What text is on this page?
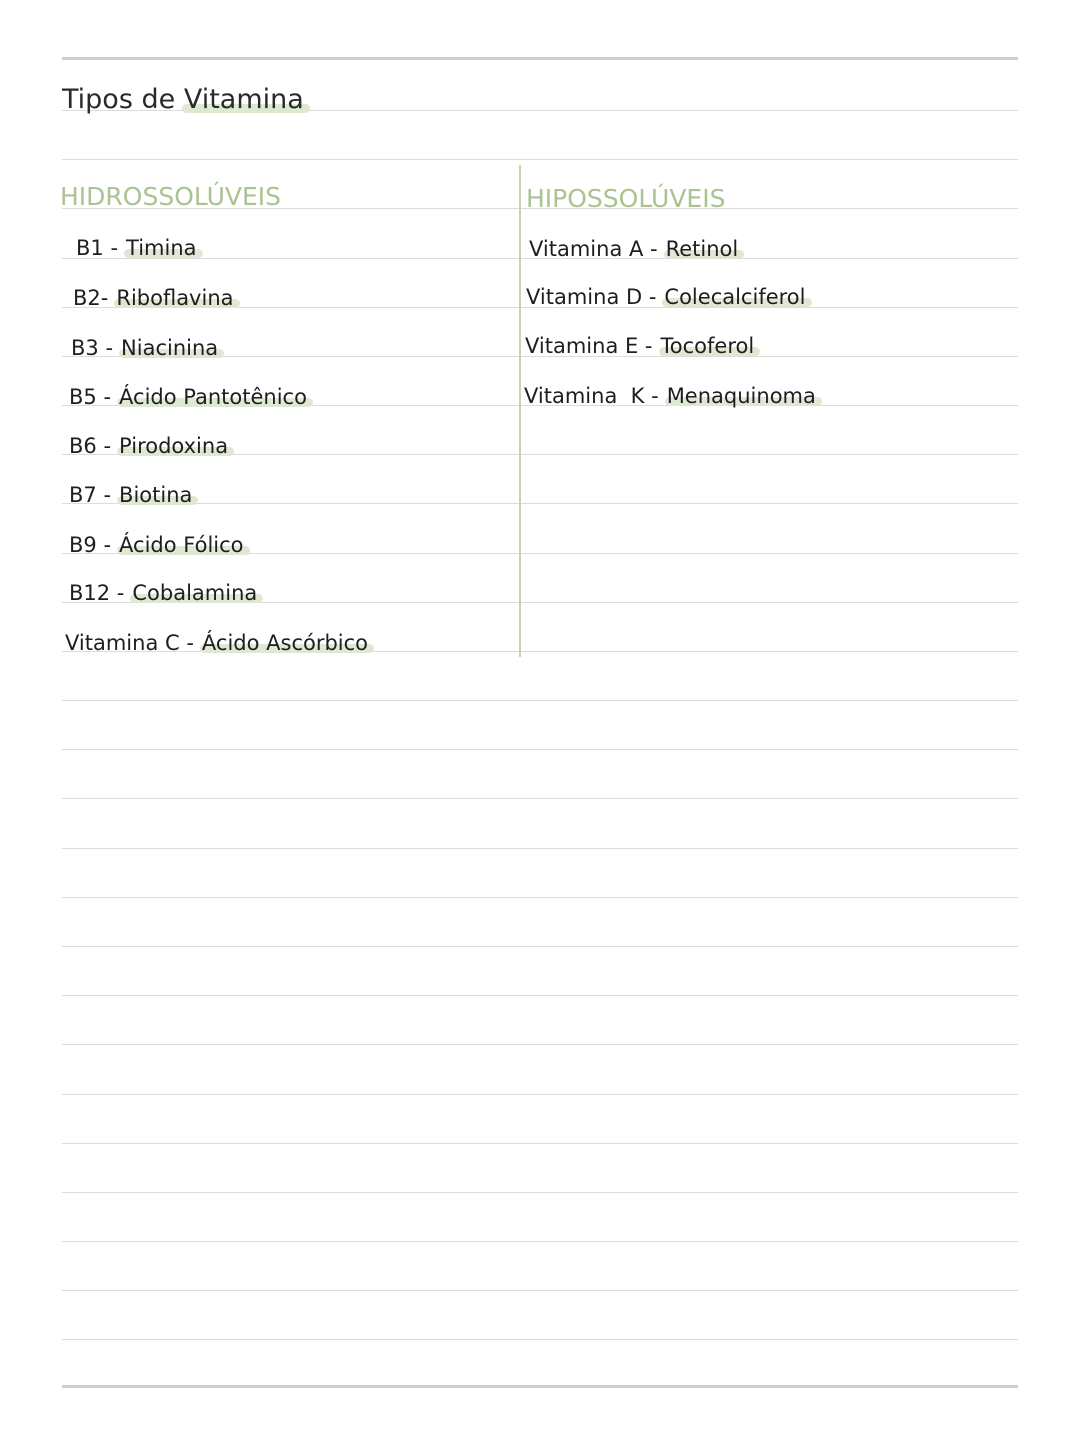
Tipos de Vitamina
HIDROSSOLÚVEIS
B1 - Timina
B2- Riboflavina
B3 - Niacinina
B5 - Ácido Pantotênico
B6 - Pirodoxina
B7 - Biotina
B9 - Ácido Fólico
B12 - Cobalamina
Vitamina C - Ácido Ascórbico
HIPOSSOLÚVEIS
Vitamina A - Retinol
Vitamina D - Colecalciferol
Vitamina E - Tocoferol
Vitamina  K - Menaquinoma
